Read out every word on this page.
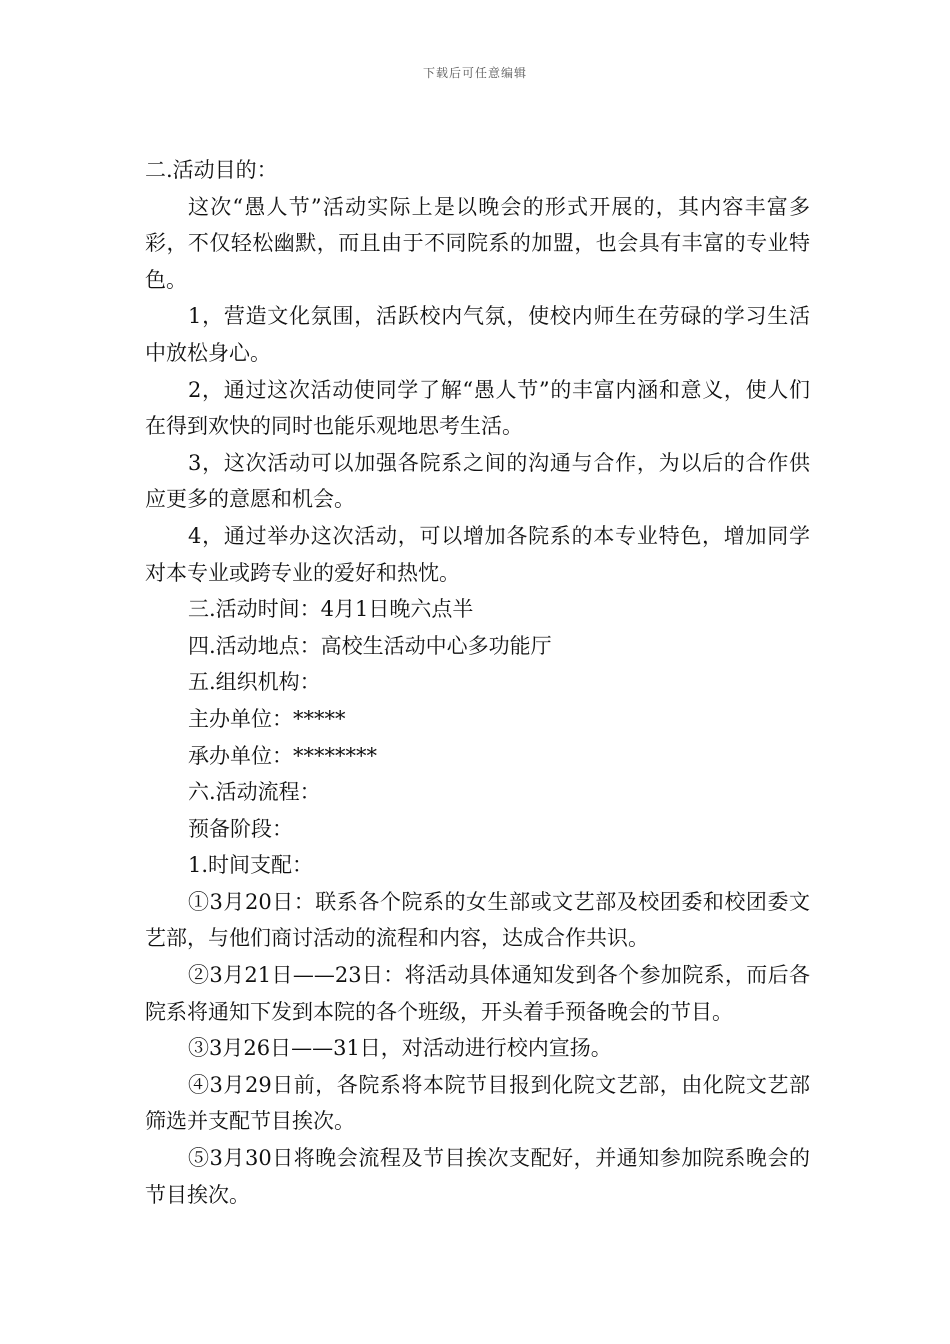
下载后可任意编辑

二.活动目的：

这次“愚人节”活动实际上是以晚会的形式开展的，其内容丰富多彩，不仅轻松幽默，而且由于不同院系的加盟，也会具有丰富的专业特色。

1，营造文化氛围，活跃校内气氛，使校内师生在劳碌的学习生活中放松身心。

2，通过这次活动使同学了解“愚人节”的丰富内涵和意义，使人们在得到欢快的同时也能乐观地思考生活。

3，这次活动可以加强各院系之间的沟通与合作，为以后的合作供应更多的意愿和机会。

4，通过举办这次活动，可以增加各院系的本专业特色，增加同学对本专业或跨专业的爱好和热忱。

三.活动时间：4月1日晚六点半

四.活动地点：高校生活动中心多功能厅

五.组织机构：

主办单位：*****

承办单位：********

六.活动流程：

预备阶段：

1.时间支配：

①3月20日：联系各个院系的女生部或文艺部及校团委和校团委文艺部，与他们商讨活动的流程和内容，达成合作共识。

②3月21日——23日：将活动具体通知发到各个参加院系，而后各院系将通知下发到本院的各个班级，开头着手预备晚会的节目。

③3月26日——31日，对活动进行校内宣扬。

④3月29日前，各院系将本院节目报到化院文艺部，由化院文艺部筛选并支配节目挨次。

⑤3月30日将晚会流程及节目挨次支配好，并通知参加院系晚会的节目挨次。
